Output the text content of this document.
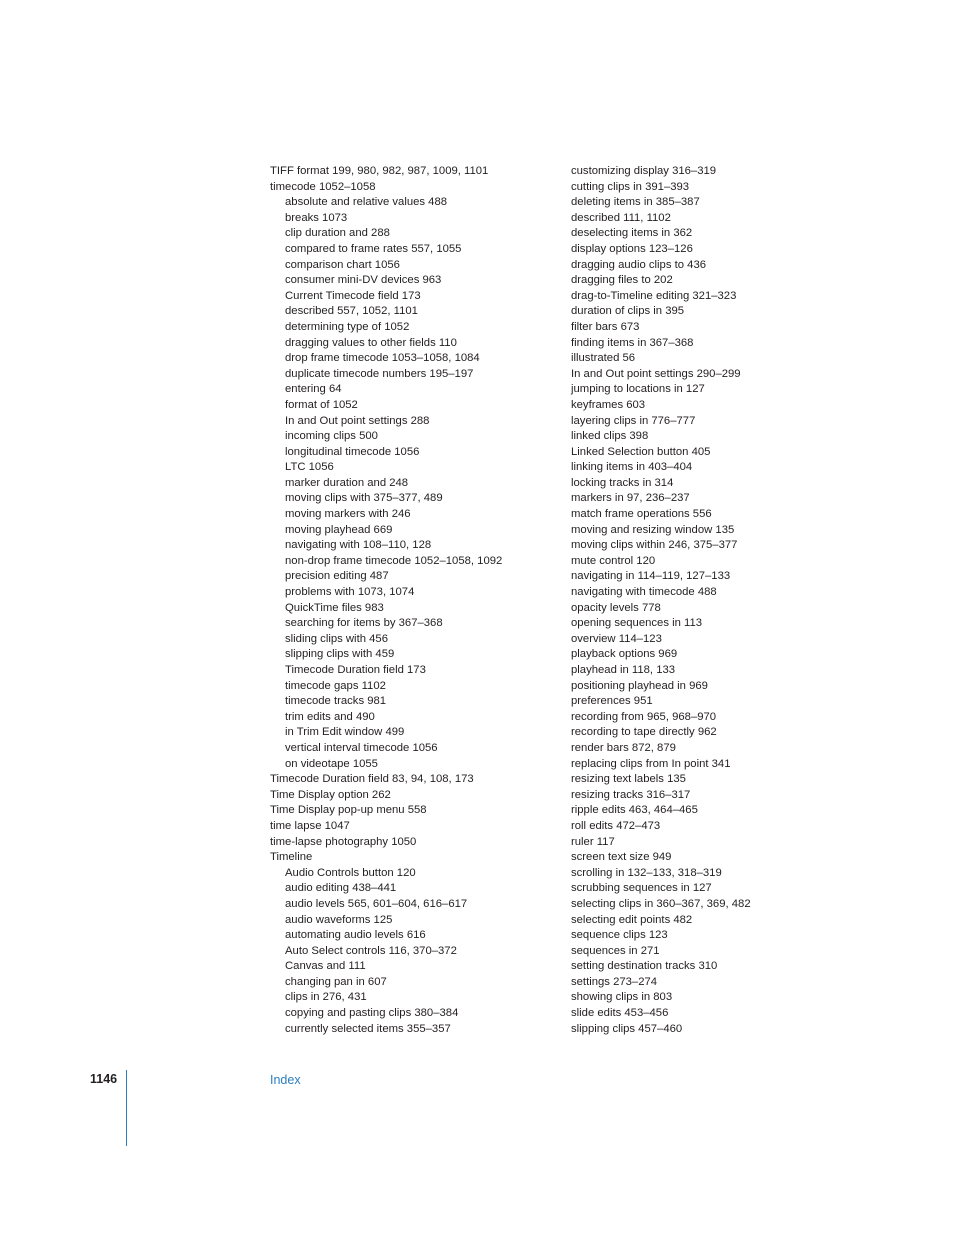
TIFF format 199, 980, 982, 987, 1009, 1101
timecode 1052–1058
absolute and relative values 488
breaks 1073
clip duration and 288
compared to frame rates 557, 1055
comparison chart 1056
consumer mini-DV devices 963
Current Timecode field 173
described 557, 1052, 1101
determining type of 1052
dragging values to other fields 110
drop frame timecode 1053–1058, 1084
duplicate timecode numbers 195–197
entering 64
format of 1052
In and Out point settings 288
incoming clips 500
longitudinal timecode 1056
LTC 1056
marker duration and 248
moving clips with 375–377, 489
moving markers with 246
moving playhead 669
navigating with 108–110, 128
non-drop frame timecode 1052–1058, 1092
precision editing 487
problems with 1073, 1074
QuickTime files 983
searching for items by 367–368
sliding clips with 456
slipping clips with 459
Timecode Duration field 173
timecode gaps 1102
timecode tracks 981
trim edits and 490
in Trim Edit window 499
vertical interval timecode 1056
on videotape 1055
Timecode Duration field 83, 94, 108, 173
Time Display option 262
Time Display pop-up menu 558
time lapse 1047
time-lapse photography 1050
Timeline
Audio Controls button 120
audio editing 438–441
audio levels 565, 601–604, 616–617
audio waveforms 125
automating audio levels 616
Auto Select controls 116, 370–372
Canvas and 111
changing pan in 607
clips in 276, 431
copying and pasting clips 380–384
currently selected items 355–357
customizing display 316–319
cutting clips in 391–393
deleting items in 385–387
described 111, 1102
deselecting items in 362
display options 123–126
dragging audio clips to 436
dragging files to 202
drag-to-Timeline editing 321–323
duration of clips in 395
filter bars 673
finding items in 367–368
illustrated 56
In and Out point settings 290–299
jumping to locations in 127
keyframes 603
layering clips in 776–777
linked clips 398
Linked Selection button 405
linking items in 403–404
locking tracks in 314
markers in 97, 236–237
match frame operations 556
moving and resizing window 135
moving clips within 246, 375–377
mute control 120
navigating in 114–119, 127–133
navigating with timecode 488
opacity levels 778
opening sequences in 113
overview 114–123
playback options 969
playhead in 118, 133
positioning playhead in 969
preferences 951
recording from 965, 968–970
recording to tape directly 962
render bars 872, 879
replacing clips from In point 341
resizing text labels 135
resizing tracks 316–317
ripple edits 463, 464–465
roll edits 472–473
ruler 117
screen text size 949
scrolling in 132–133, 318–319
scrubbing sequences in 127
selecting clips in 360–367, 369, 482
selecting edit points 482
sequence clips 123
sequences in 271
setting destination tracks 310
settings 273–274
showing clips in 803
slide edits 453–456
slipping clips 457–460
1146	Index
